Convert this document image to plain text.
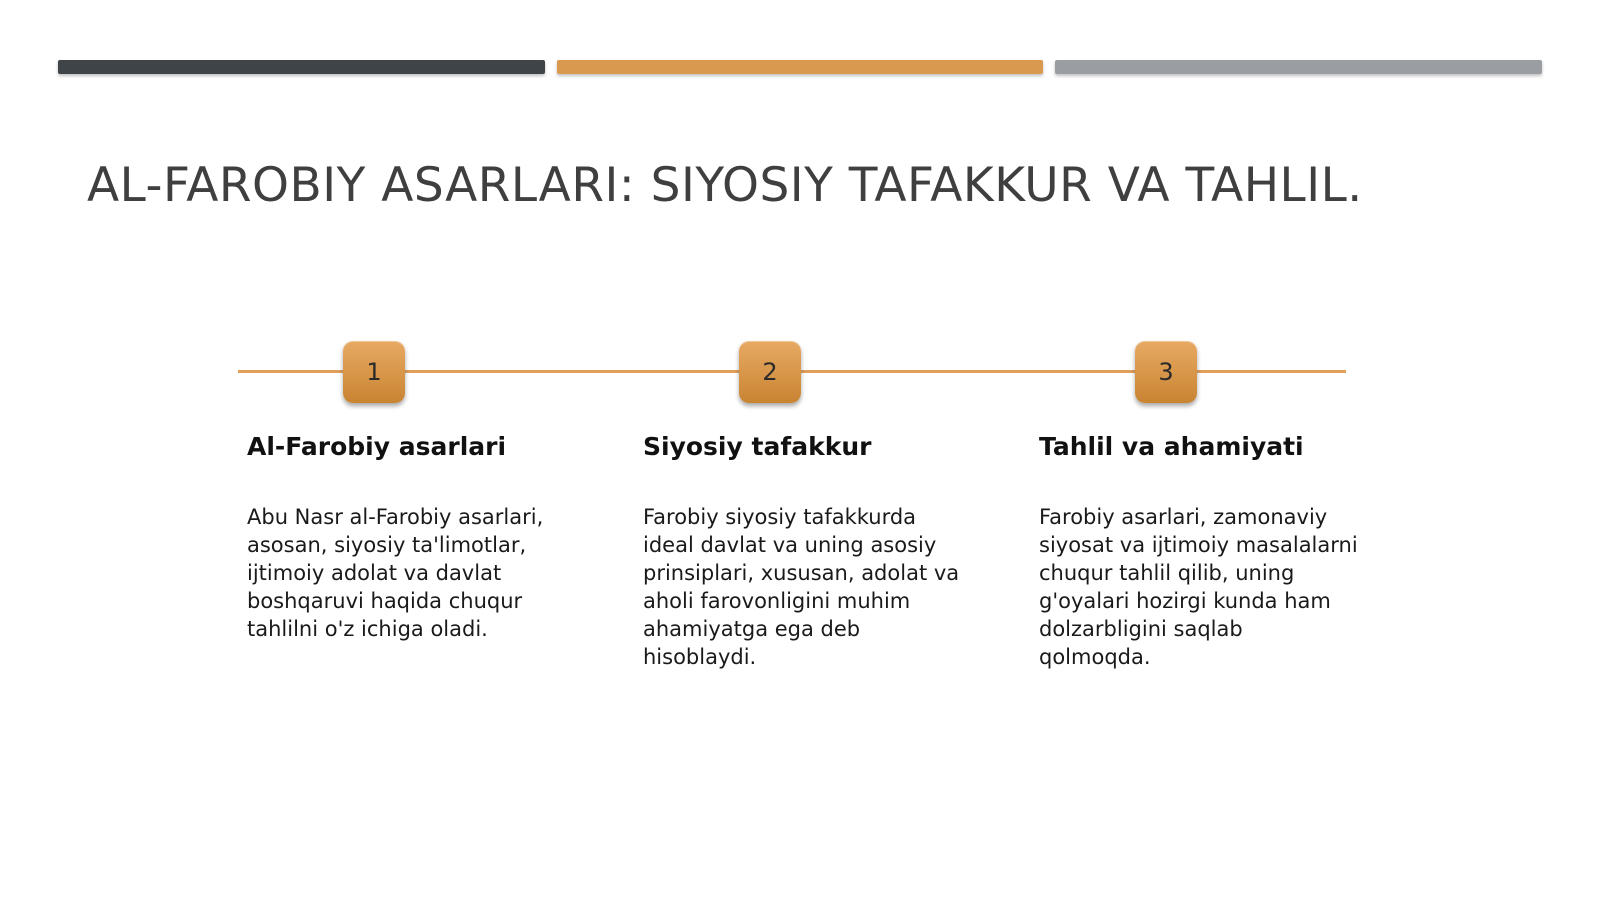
AL-FAROBIY ASARLARI: SIYOSIY TAFAKKUR VA TAHLIL.
1	2	3
Al-Farobiy asarlari

Abu Nasr al-Farobiy asarlari,
asosan, siyosiy ta'limotlar,
ijtimoiy adolat va davlat
boshqaruvi haqida chuqur
tahlilni o'z ichiga oladi.

Siyosiy tafakkur

Farobiy siyosiy tafakkurda
ideal davlat va uning asosiy
prinsiplari, xususan, adolat va
aholi farovonligini muhim
ahamiyatga ega deb
hisoblaydi.

Tahlil va ahamiyati

Farobiy asarlari, zamonaviy
siyosat va ijtimoiy masalalarni
chuqur tahlil qilib, uning
g'oyalari hozirgi kunda ham
dolzarbligini saqlab
qolmoqda.
